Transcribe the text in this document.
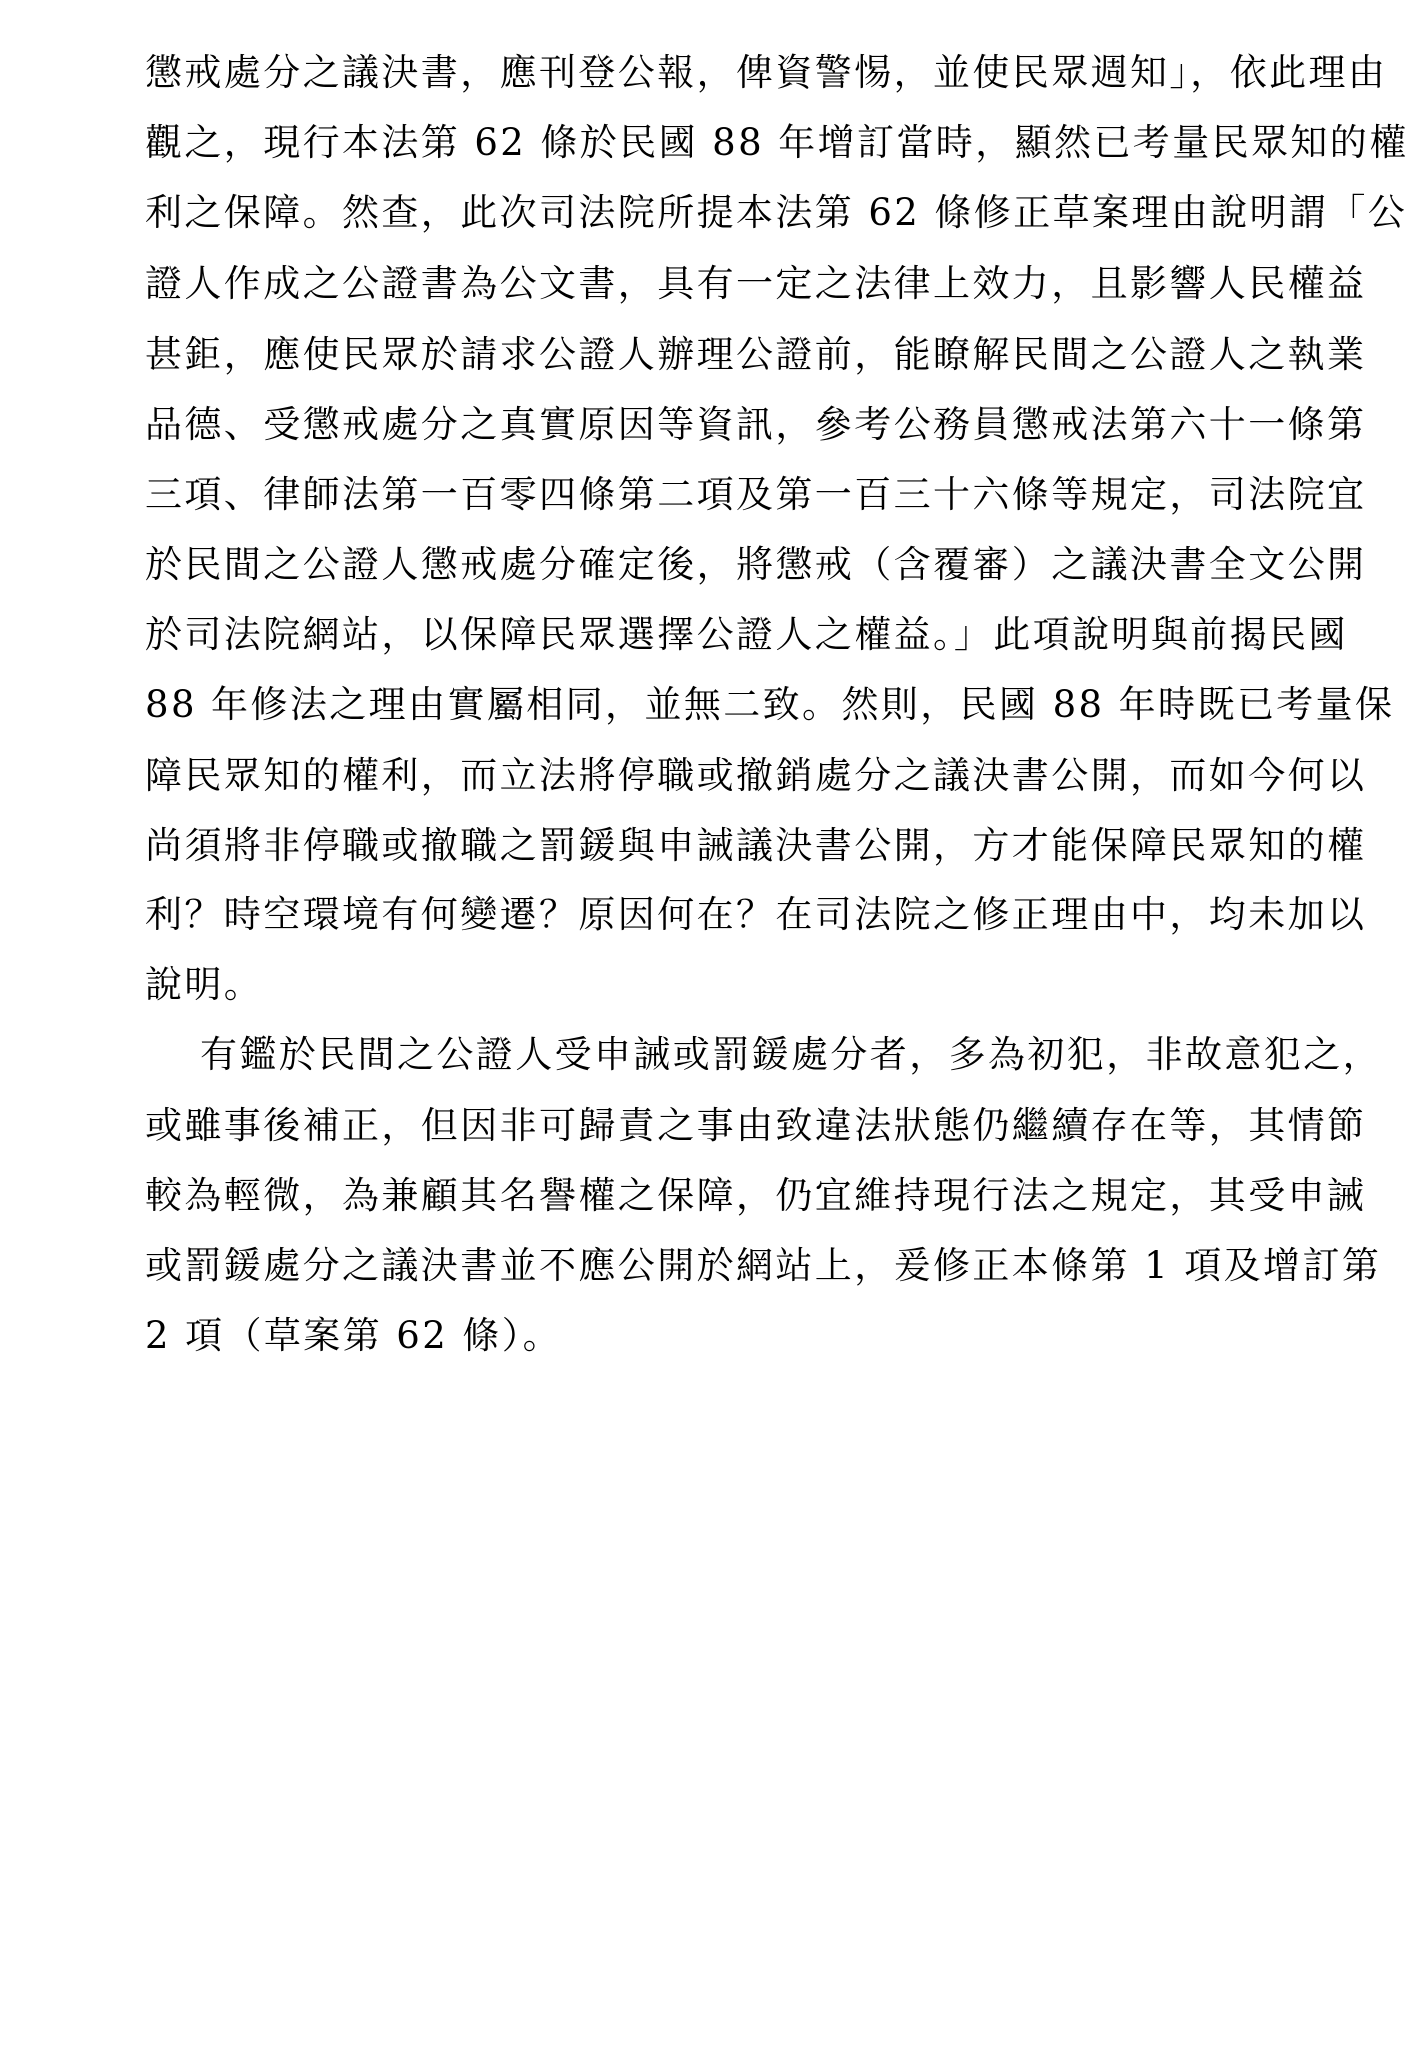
懲戒處分之議決書，應刊登公報，俾資警惕，並使民眾週知」，依此理由
觀之，現行本法第 62 條於民國 88 年增訂當時，顯然已考量民眾知的權
利之保障。然查，此次司法院所提本法第 62 條修正草案理由說明謂「公
證人作成之公證書為公文書，具有一定之法律上效力，且影響人民權益
甚鉅，應使民眾於請求公證人辦理公證前，能瞭解民間之公證人之執業
品德、受懲戒處分之真實原因等資訊，參考公務員懲戒法第六十一條第
三項、律師法第一百零四條第二項及第一百三十六條等規定，司法院宜
於民間之公證人懲戒處分確定後，將懲戒（含覆審）之議決書全文公開
於司法院網站，以保障民眾選擇公證人之權益。」此項說明與前揭民國
88 年修法之理由實屬相同，並無二致。然則，民國 88 年時既已考量保
障民眾知的權利，而立法將停職或撤銷處分之議決書公開，而如今何以
尚須將非停職或撤職之罰鍰與申誡議決書公開，方才能保障民眾知的權
利？時空環境有何變遷？原因何在？在司法院之修正理由中，均未加以
說明。
有鑑於民間之公證人受申誡或罰鍰處分者，多為初犯，非故意犯之，
或雖事後補正，但因非可歸責之事由致違法狀態仍繼續存在等，其情節
較為輕微，為兼顧其名譽權之保障，仍宜維持現行法之規定，其受申誡
或罰鍰處分之議決書並不應公開於網站上，爰修正本條第 1 項及增訂第
2 項（草案第 62 條）。
